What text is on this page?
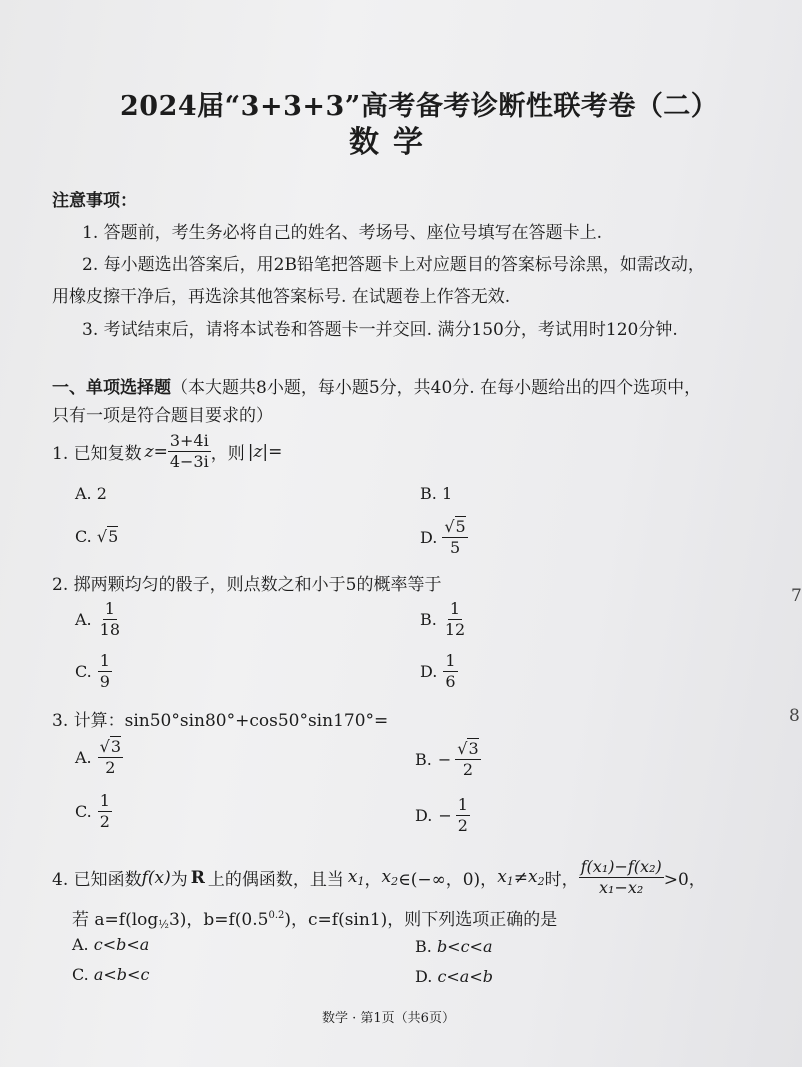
2024届“3+3+3”高考备考诊断性联考卷（二）
数学
注意事项：
1. 答题前，考生务必将自己的姓名、考场号、座位号填写在答题卡上.
2. 每小题选出答案后，用2B铅笔把答题卡上对应题目的答案标号涂黑，如需改动，
用橡皮擦干净后，再选涂其他答案标号. 在试题卷上作答无效.
3. 考试结束后，请将本试卷和答题卡一并交回. 满分150分，考试用时120分钟.
一、单项选择题（本大题共8小题，每小题5分，共40分. 在每小题给出的四个选项中，
只有一项是符合题目要求的）
1. 已知复数 $z = \frac{3+4i}{4-3i}$ ，则 |z| =
A. 2	B. 1
C. √5	D. $\frac{√5}{5}$
2. 掷两颗均匀的骰子，则点数之和小于5的概率等于
A. $\frac{1}{18}$	B. $\frac{1}{12}$
C. $\frac{1}{9}$	D. $\frac{1}{6}$
3. 计算：sin50°sin80°+cos50°sin170°=
A. $\frac{√3}{2}$	B. − $\frac{√3}{2}$
C. $\frac{1}{2}$	D. − $\frac{1}{2}$
4. 已知函数 f(x) 为 R 上的偶函数，且当 $x_1$ ， $x_2$ ∈(−∞，0)， $x_1 \ne x_2$ 时， $\frac{\text{f(x₁)−f(x₂)}}{\text{x₁−x₂}} >0$，
若 $a=f(\log_{\frac{1}{2}}3)$，$b=f(0.5^{0.2})$，c=f(sin1)，则下列选项正确的是
A. c<b<a	B. b<c<a
C. a<b<c	D. c<a<b
数学 · 第1页（共6页）
7
8
